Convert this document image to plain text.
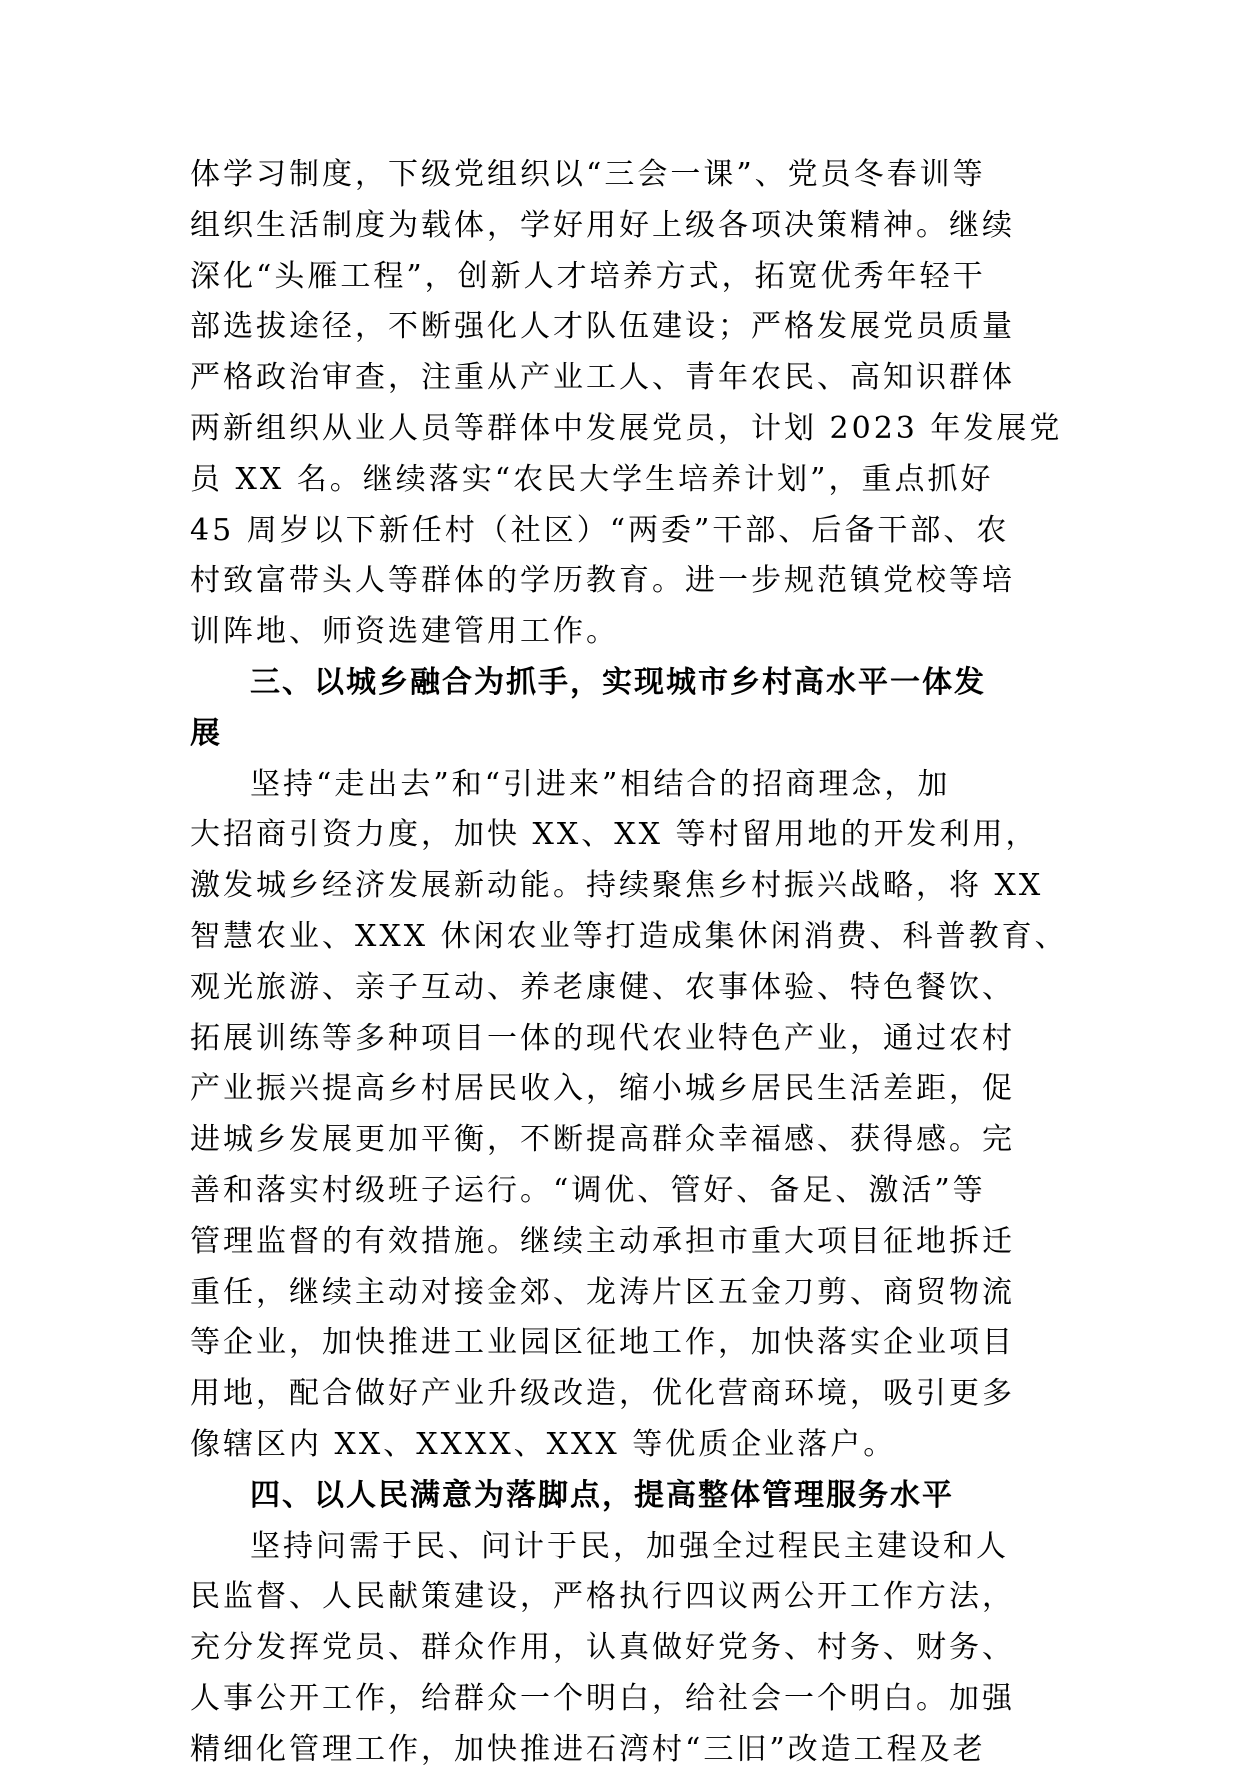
体学习制度，下级党组织以“三会一课”、党员冬春训等
组织生活制度为载体，学好用好上级各项决策精神。继续
深化“头雁工程”，创新人才培养方式，拓宽优秀年轻干
部选拔途径，不断强化人才队伍建设；严格发展党员质量
严格政治审查，注重从产业工人、青年农民、高知识群体
两新组织从业人员等群体中发展党员，计划 2023 年发展党
员 XX 名。继续落实“农民大学生培养计划”，重点抓好
45 周岁以下新任村（社区）“两委”干部、后备干部、农
村致富带头人等群体的学历教育。进一步规范镇党校等培
训阵地、师资选建管用工作。
三、以城乡融合为抓手，实现城市乡村高水平一体发
展
坚持“走出去”和“引进来”相结合的招商理念，加
大招商引资力度，加快 XX、XX 等村留用地的开发利用，
激发城乡经济发展新动能。持续聚焦乡村振兴战略，将 XX
智慧农业、XXX 休闲农业等打造成集休闲消费、科普教育、
观光旅游、亲子互动、养老康健、农事体验、特色餐饮、
拓展训练等多种项目一体的现代农业特色产业，通过农村
产业振兴提高乡村居民收入，缩小城乡居民生活差距，促
进城乡发展更加平衡，不断提高群众幸福感、获得感。完
善和落实村级班子运行。“调优、管好、备足、激活”等
管理监督的有效措施。继续主动承担市重大项目征地拆迁
重任，继续主动对接金郊、龙涛片区五金刀剪、商贸物流
等企业，加快推进工业园区征地工作，加快落实企业项目
用地，配合做好产业升级改造，优化营商环境，吸引更多
像辖区内 XX、XXXX、XXX 等优质企业落户。
四、以人民满意为落脚点，提高整体管理服务水平
坚持问需于民、问计于民，加强全过程民主建设和人
民监督、人民献策建设，严格执行四议两公开工作方法，
充分发挥党员、群众作用，认真做好党务、村务、财务、
人事公开工作，给群众一个明白，给社会一个明白。加强
精细化管理工作，加快推进石湾村“三旧”改造工程及老
